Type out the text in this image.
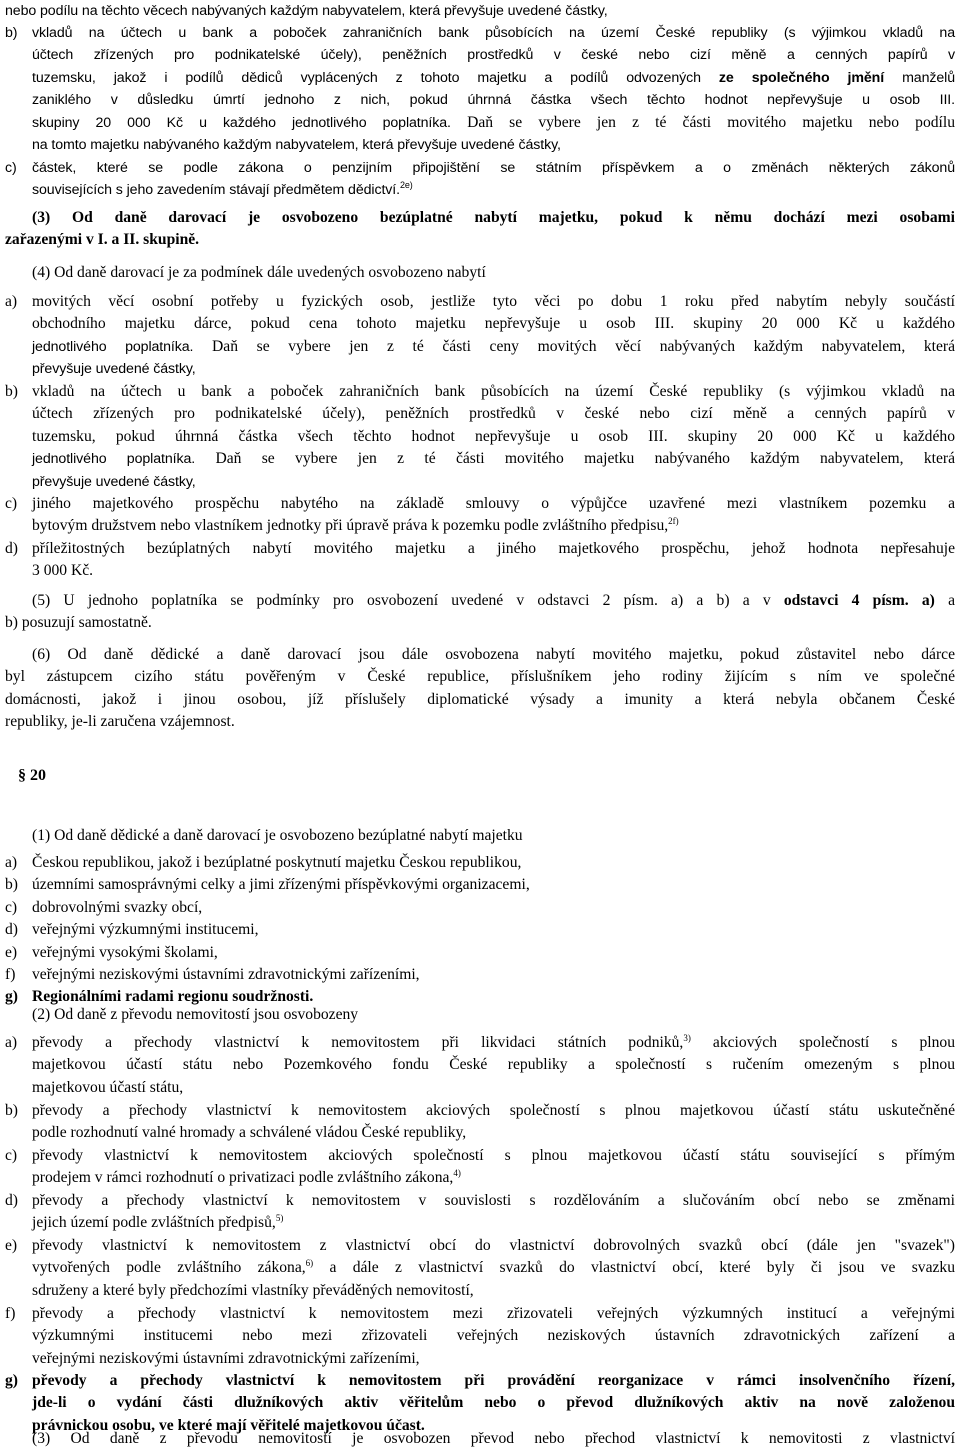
nebo podílu na těchto věcech nabývaných každým nabyvatelem, která převyšuje uvedené částky,
b) vkladů na účtech u bank a poboček zahraničních bank působících na území České republiky (s výjimkou vkladů na
účtech zřízených pro podnikatelské účely), peněžních prostředků v české nebo cizí měně a cenných papírů v
tuzemsku, jakož i podílů dědiců vyplácených z tohoto majetku a podílů odvozených ze společného jmění manželů
zaniklého v důsledku úmrtí jednoho z nich, pokud úhrnná částka všech těchto hodnot nepřevyšuje u osob III.
skupiny 20 000 Kč u každého jednotlivého poplatníka. Daň se vybere jen z té části movitého majetku nebo podílu
na tomto majetku nabývaného každým nabyvatelem, která převyšuje uvedené částky,
c) částek, které se podle zákona o penzijním připojištění se státním příspěvkem a o změnách některých zákonů
souvisejících s jeho zavedením stávají předmětem dědictví.$^{2e)}$
(3) Od daně darovací je osvobozeno bezúplatné nabytí majetku, pokud k němu dochází mezi osobami
zařazenými v I. a II. skupině.
(4) Od daně darovací je za podmínek dále uvedených osvobozeno nabytí
a) movitých věcí osobní potřeby u fyzických osob, jestliže tyto věci po dobu 1 roku před nabytím nebyly součástí
obchodního majetku dárce, pokud cena tohoto majetku nepřevyšuje u osob III. skupiny 20 000 Kč u každého
jednotlivého poplatníka. Daň se vybere jen z té části ceny movitých věcí nabývaných každým nabyvatelem, která
převyšuje uvedené částky,
b) vkladů na účtech u bank a poboček zahraničních bank působících na území České republiky (s výjimkou vkladů na
účtech zřízených pro podnikatelské účely), peněžních prostředků v české nebo cizí měně a cenných papírů v
tuzemsku, pokud úhrnná částka všech těchto hodnot nepřevyšuje u osob III. skupiny 20 000 Kč u každého
jednotlivého poplatníka. Daň se vybere jen z té části movitého majetku nabývaného každým nabyvatelem, která
převyšuje uvedené částky,
c) jiného majetkového prospěchu nabytého na základě smlouvy o výpůjčce uzavřené mezi vlastníkem pozemku a
bytovým družstvem nebo vlastníkem jednotky při úpravě práva k pozemku podle zvláštního předpisu,$^{2f)}$
d) příležitostných bezúplatných nabytí movitého majetku a jiného majetkového prospěchu, jehož hodnota nepřesahuje
3 000 Kč.
(5) U jednoho poplatníka se podmínky pro osvobození uvedené v odstavci 2 písm. a) a b) a v odstavci 4 písm. a) a
b) posuzují samostatně.
(6) Od daně dědické a daně darovací jsou dále osvobozena nabytí movitého majetku, pokud zůstavitel nebo dárce
byl zástupcem cizího státu pověřeným v České republice, příslušníkem jeho rodiny žijícím s ním ve společné
domácnosti, jakož i jinou osobou, jíž příslušely diplomatické výsady a imunity a která nebyla občanem České
republiky, je-li zaručena vzájemnost.
§ 20
(1) Od daně dědické a daně darovací je osvobozeno bezúplatné nabytí majetku
a) Českou republikou, jakož i bezúplatné poskytnutí majetku Českou republikou,
b) územními samosprávnými celky a jimi zřízenými příspěvkovými organizacemi,
c) dobrovolnými svazky obcí,
d) veřejnými výzkumnými institucemi,
e) veřejnými vysokými školami,
f) veřejnými neziskovými ústavními zdravotnickými zařízeními,
g) Regionálními radami regionu soudržnosti.
(2) Od daně z převodu nemovitostí jsou osvobozeny
a) převody a přechody vlastnictví k nemovitostem při likvidaci státních podniků,$^{3)}$ akciových společností s plnou
majetkovou účastí státu nebo Pozemkového fondu České republiky a společností s ručením omezeným s plnou
majetkovou účastí státu,
b) převody a přechody vlastnictví k nemovitostem akciových společností s plnou majetkovou účastí státu uskutečněné
podle rozhodnutí valné hromady a schválené vládou České republiky,
c) převody vlastnictví k nemovitostem akciových společností s plnou majetkovou účastí státu související s přímým
prodejem v rámci rozhodnutí o privatizaci podle zvláštního zákona,$^{4)}$
d) převody a přechody vlastnictví k nemovitostem v souvislosti s rozdělováním a slučováním obcí nebo se změnami
jejich území podle zvláštních předpisů,$^{5)}$
e) převody vlastnictví k nemovitostem z vlastnictví obcí do vlastnictví dobrovolných svazků obcí (dále jen "svazek")
vytvořených podle zvláštního zákona,$^{6)}$ a dále z vlastnictví svazků do vlastnictví obcí, které byly či jsou ve svazku
sdruženy a které byly předchozími vlastníky převáděných nemovitostí,
f) převody a přechody vlastnictví k nemovitostem mezi zřizovateli veřejných výzkumných institucí a veřejnými
výzkumnými institucemi nebo mezi zřizovateli veřejných neziskových ústavních zdravotnických zařízení a
veřejnými neziskovými ústavními zdravotnickými zařízeními,
g) převody a přechody vlastnictví k nemovitostem při provádění reorganizace v rámci insolvenčního řízení,
jde-li o vydání části dlužníkových aktiv věřitelům nebo o převod dlužníkových aktiv na nově založenou
právnickou osobu, ve které mají věřitelé majetkovou účast.
(3) Od daně z převodu nemovitostí je osvobozen převod nebo přechod vlastnictví k nemovitosti z vlastnictví
